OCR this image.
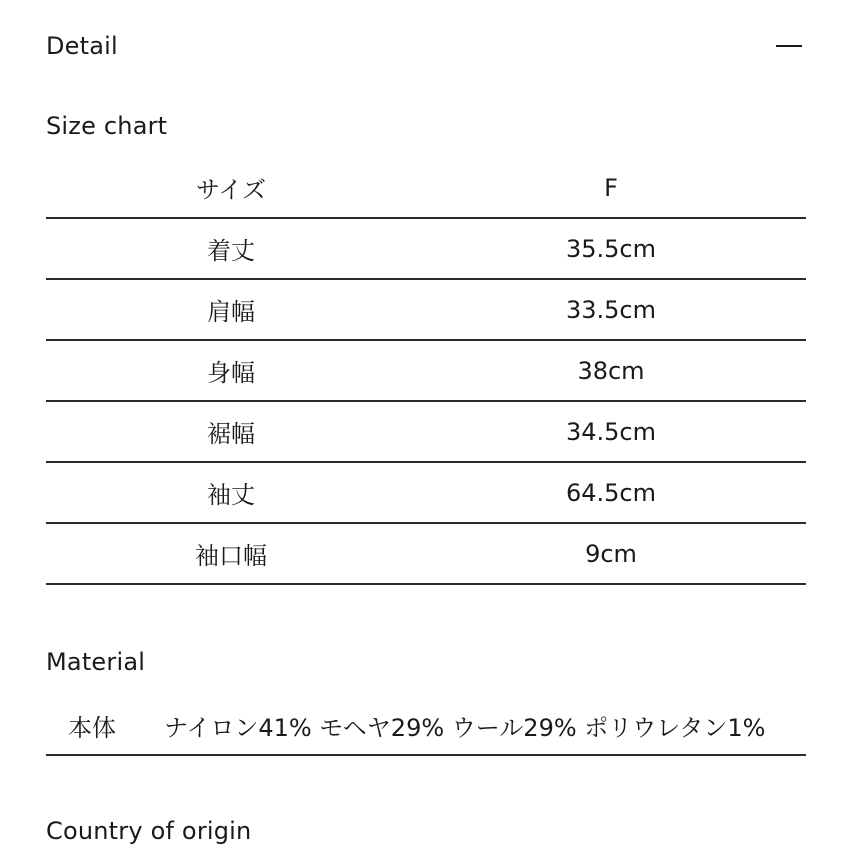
Detail
Size chart
サイズ	F
着丈	35.5cm
肩幅	33.5cm
身幅	38cm
裾幅	34.5cm
袖丈	64.5cm
袖口幅	9cm
Material
本体	ナイロン41% モヘヤ29% ウール29% ポリウレタン1%
Country of origin
